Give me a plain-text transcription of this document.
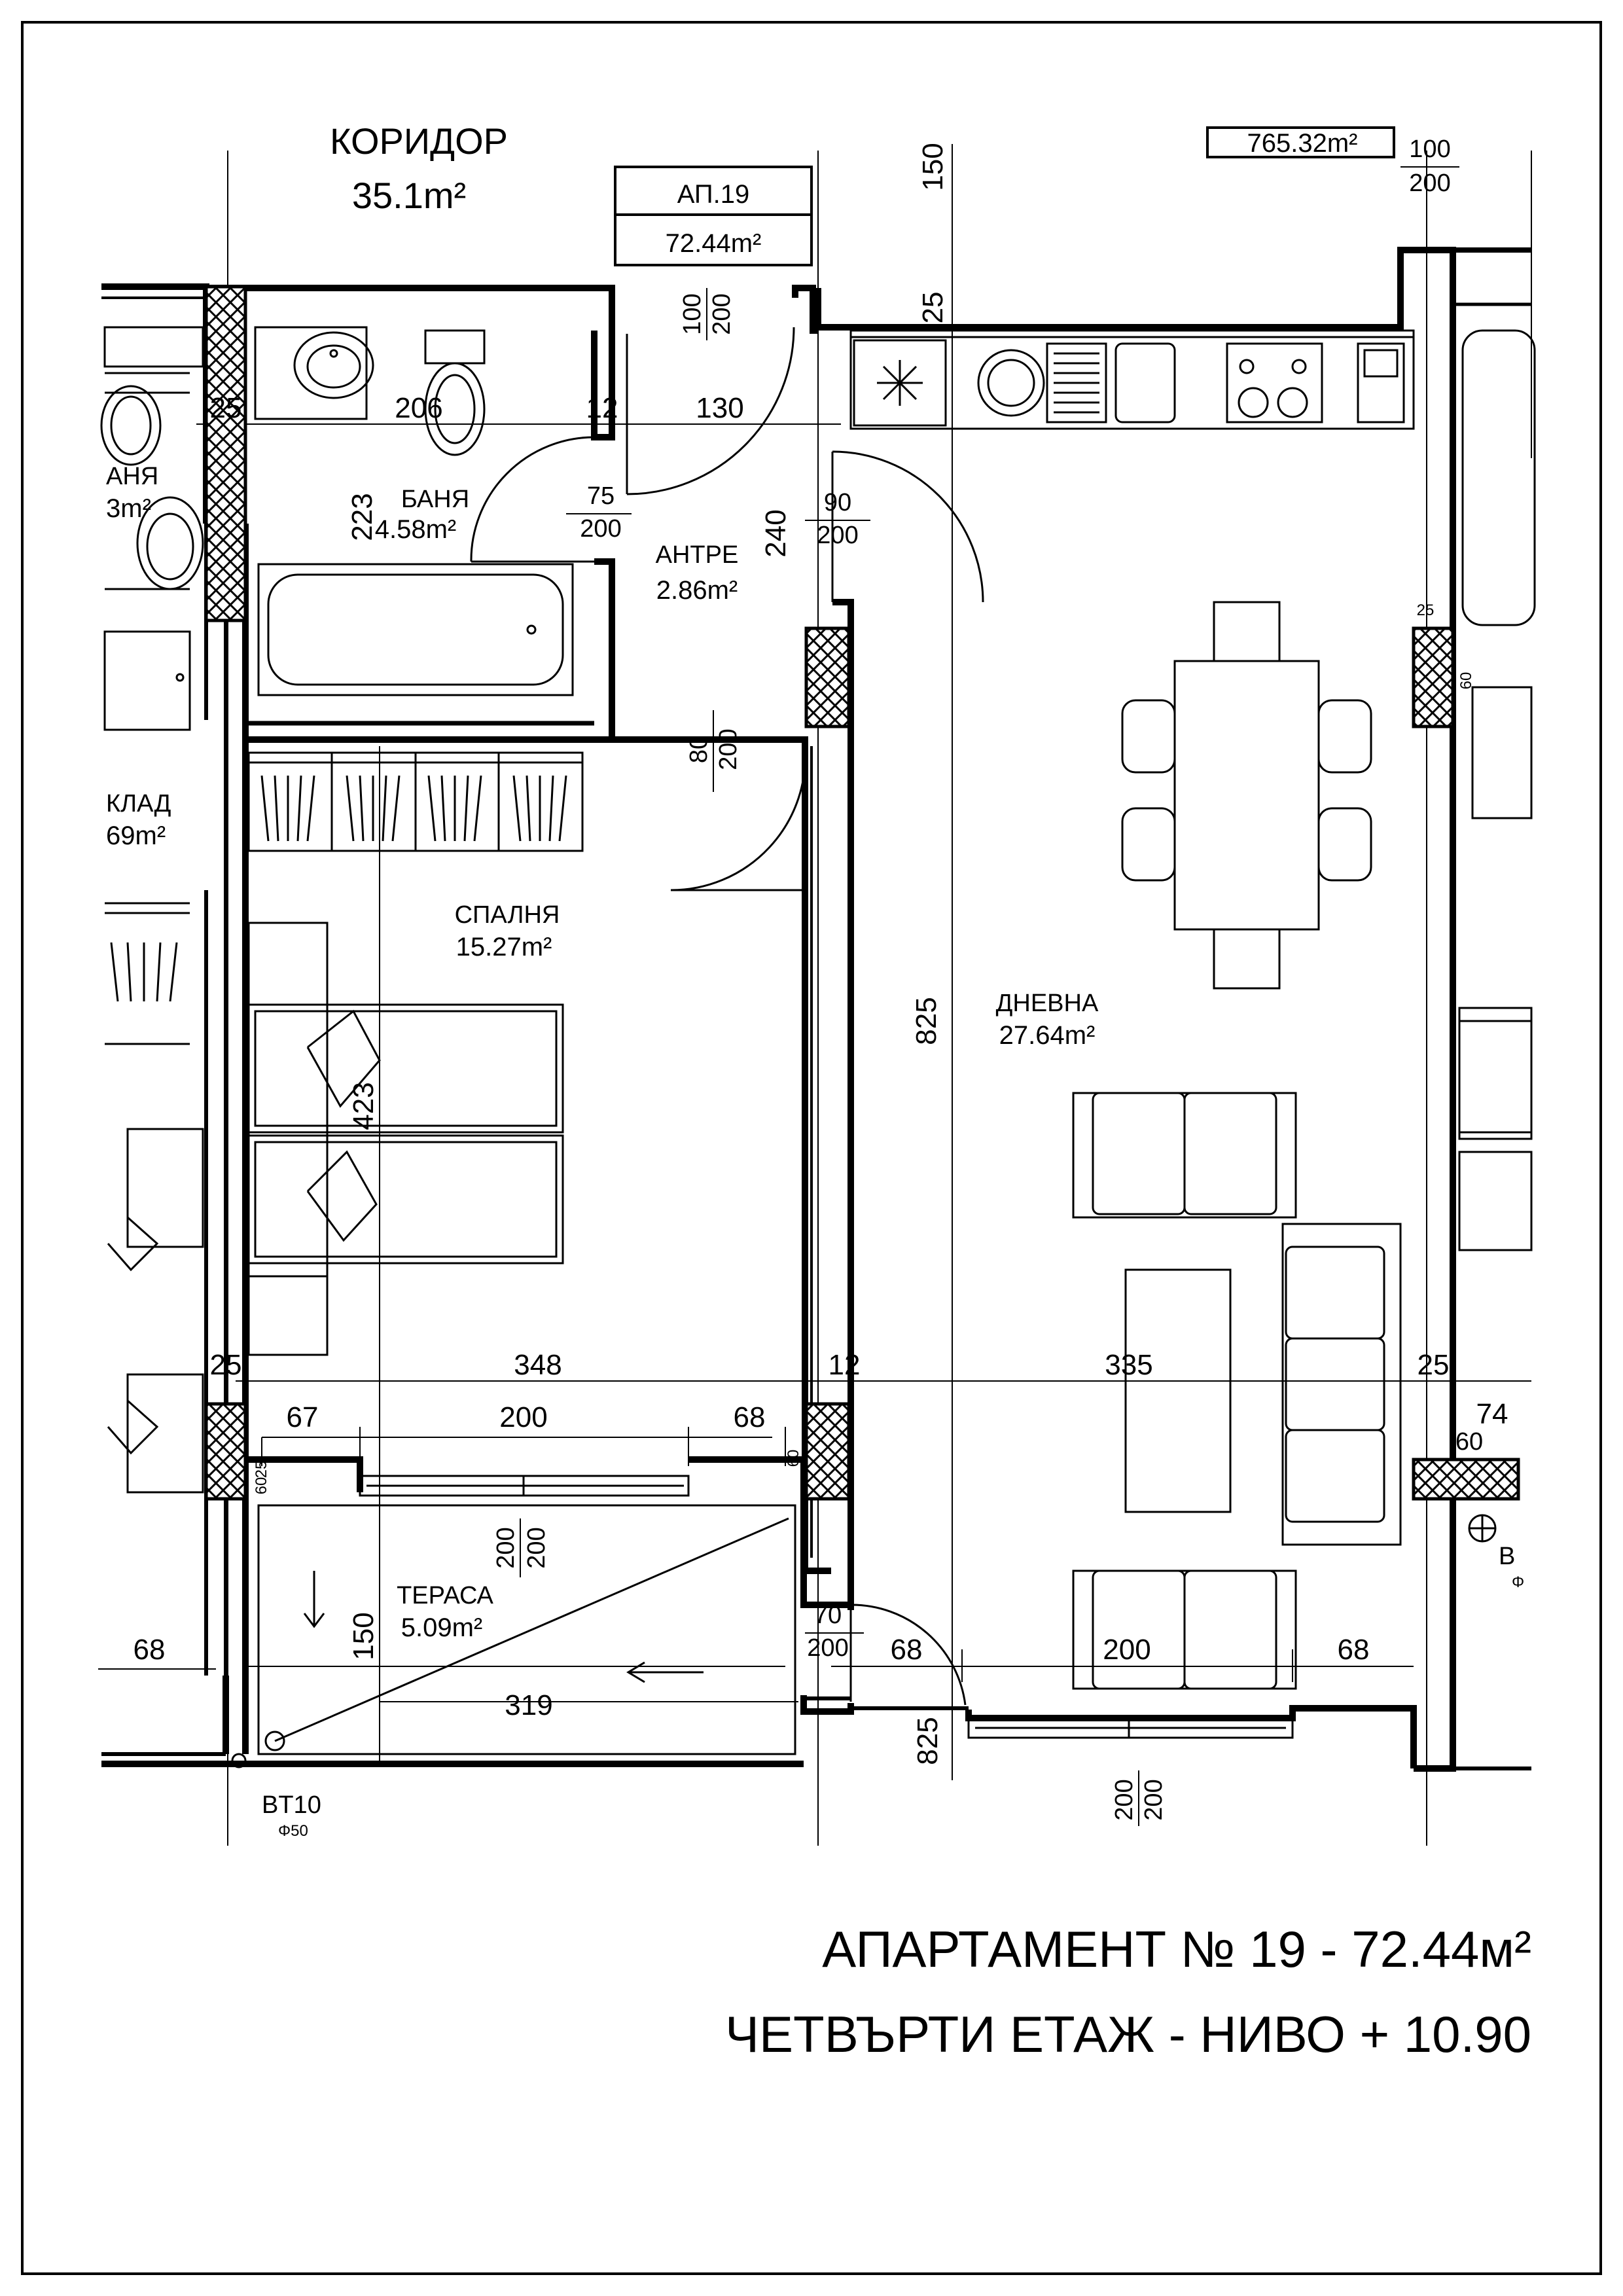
КОРИДОР
35.1m²	АП.19
72.44m²
765.32m²
БАНЯ
4.58m²
АНТРЕ
2.86m²
СПАЛНЯ
15.27m²
ДНЕВНА
27.64m²
ТЕРАСА
5.09m²
АНЯ
3m²
КЛАД
69m²
100 200
75
200
90
200
80 200
70
200
100
200
200 200
200 200
206	12	130
25
25
223	240
825
423
348	12	335
25	25
25
60
67	200	68
25
60
60
74
60
150
319
68	200	68
68
825
150
BT10
Φ50
B
Φ
АПАРТАМЕНТ № 19 - 72.44м²
ЧЕТВЪРТИ ЕТАЖ - НИВО + 10.90
